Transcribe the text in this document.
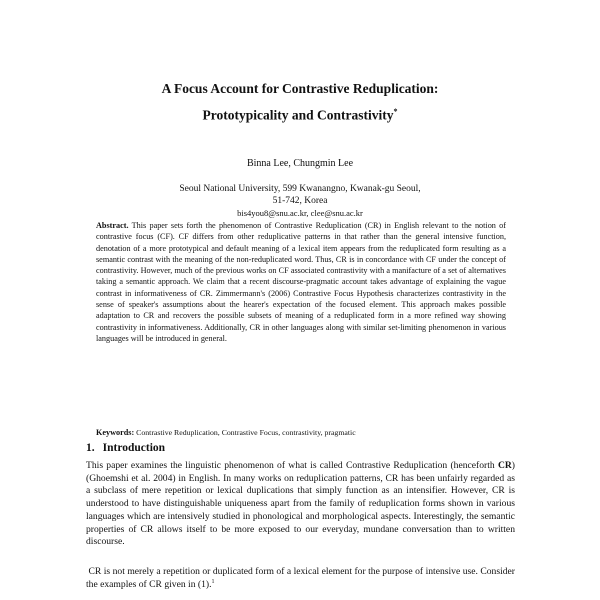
A Focus Account for Contrastive Reduplication:
Prototypicality and Contrastivity*

Binna Lee, Chungmin Lee

Seoul National University, 599 Kwanangno, Kwanak-gu Seoul,

51-742, Korea

bis4you8@snu.ac.kr, clee@snu.ac.kr

Abstract. This paper sets forth the phenomenon of Contrastive Reduplication (CR) in English relevant to the notion of contrastive focus (CF). CF differs from other reduplicative patterns in that rather than the general intensive function, denotation of a more prototypical and default meaning of a lexical item appears from the reduplicated form resulting as a semantic contrast with the meaning of the non-reduplicated word. Thus, CR is in concordance with CF under the concept of contrastivity. However, much of the previous works on CF associated contrastivity with a manifacture of a set of alternatives taking a semantic approach. We claim that a recent discourse-pragmatic account takes advantage of explaining the vague contrast in informativeness of CR. Zimmermann's (2006) Contrastive Focus Hypothesis characterizes contrastivity in the sense of speaker's assumptions about the hearer's expectation of the focused element. This approach makes possible adaptation to CR and recovers the possible subsets of meaning of a reduplicated form in a more refined way showing contrastivity in informativeness. Additionally, CR in other languages along with similar set-limiting phenomenon in various languages will be introduced in general.

Keywords: Contrastive Reduplication, Contrastive Focus, contrastivity, pragmatic

1. Introduction

This paper examines the linguistic phenomenon of what is called Contrastive Reduplication (henceforth CR) (Ghoemshi et al. 2004) in English. In many works on reduplication patterns, CR has been unfairly regarded as a subclass of mere repetition or lexical duplications that simply function as an intensifier. However, CR is understood to have distinguishable uniqueness apart from the family of reduplication forms shown in various languages which are intensively studied in phonological and morphological aspects. Interestingly, the semantic properties of CR allows itself to be more exposed to our everyday, mundane conversation than to written discourse.

CR is not merely a repetition or duplicated form of a lexical element for the purpose of intensive use. Consider the examples of CR given in (1).$^1$
